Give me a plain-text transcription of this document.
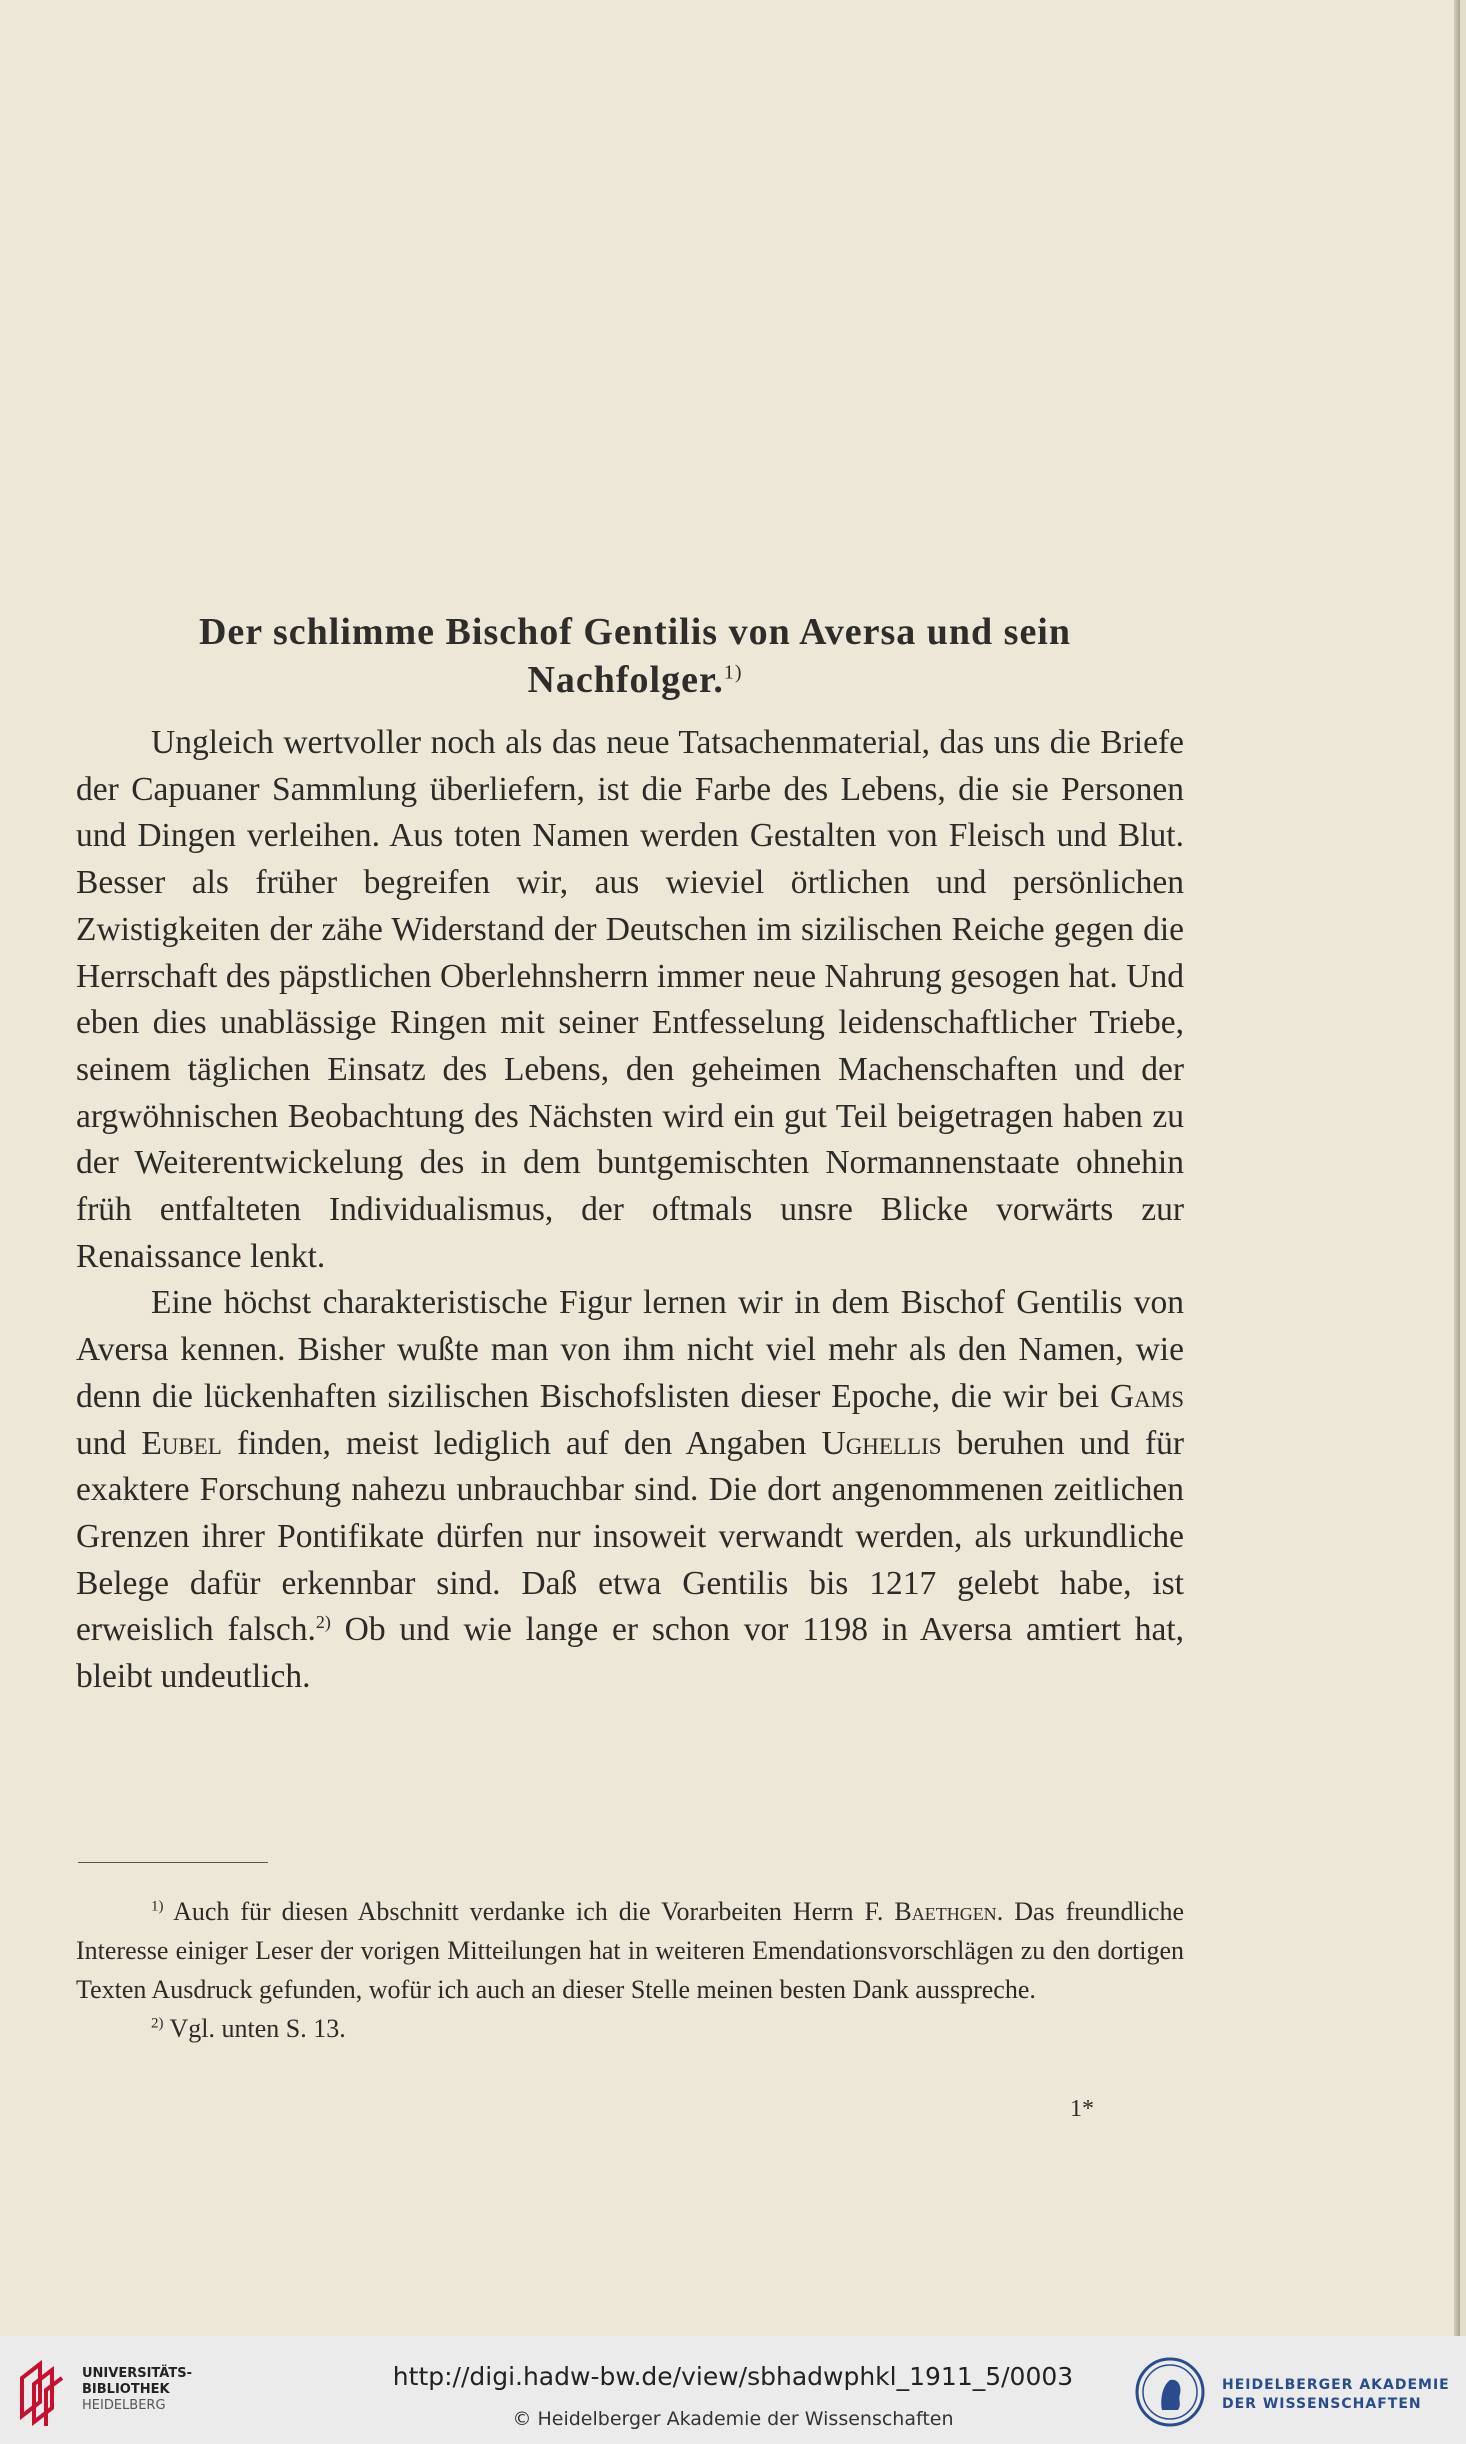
Der schlimme Bischof Gentilis von Aversa und sein
Nachfolger.$^{1)}$

Ungleich wertvoller noch als das neue Tatsachenmaterial, das uns die Briefe der Capuaner Sammlung überliefern, ist die Farbe des Lebens, die sie Personen und Dingen verleihen. Aus toten Namen werden Gestalten von Fleisch und Blut. Besser als früher begreifen wir, aus wieviel örtlichen und persönlichen Zwistigkeiten der zähe Widerstand der Deutschen im sizilischen Reiche gegen die Herrschaft des päpstlichen Oberlehnsherrn immer neue Nahrung gesogen hat. Und eben dies unablässige Ringen mit seiner Entfesselung leidenschaftlicher Triebe, seinem täglichen Einsatz des Lebens, den geheimen Machenschaften und der argwöhnischen Beobachtung des Nächsten wird ein gut Teil beigetragen haben zu der Weiterentwickelung des in dem buntgemischten Normannenstaate ohnehin früh entfalteten Individualismus, der oftmals unsre Blicke vorwärts zur Renaissance lenkt.

Eine höchst charakteristische Figur lernen wir in dem Bischof Gentilis von Aversa kennen. Bisher wußte man von ihm nicht viel mehr als den Namen, wie denn die lückenhaften sizilischen Bischofslisten dieser Epoche, die wir bei Gams und Eubel finden, meist lediglich auf den Angaben Ughellis beruhen und für exaktere Forschung nahezu unbrauchbar sind. Die dort angenommenen zeitlichen Grenzen ihrer Pontifikate dürfen nur insoweit verwandt werden, als urkundliche Belege dafür erkennbar sind. Daß etwa Gentilis bis 1217 gelebt habe, ist erweislich falsch.$^{2)}$ Ob und wie lange er schon vor 1198 in Aversa amtiert hat, bleibt undeutlich.

$^{1)}$ Auch für diesen Abschnitt verdanke ich die Vorarbeiten Herrn F. Baethgen. Das freundliche Interesse einiger Leser der vorigen Mitteilungen hat in weiteren Emendationsvorschlägen zu den dortigen Texten Ausdruck gefunden, wofür ich auch an dieser Stelle meinen besten Dank ausspreche.

$^{2)}$ Vgl. unten S. 13.

1*
UNIVERSITÄTS-
BIBLIOTHEK
HEIDELBERG
http://digi.hadw-bw.de/view/sbhadwphkl_1911_5/0003
© Heidelberger Akademie der Wissenschaften
HEIDELBERGER AKADEMIE
DER WISSENSCHAFTEN
